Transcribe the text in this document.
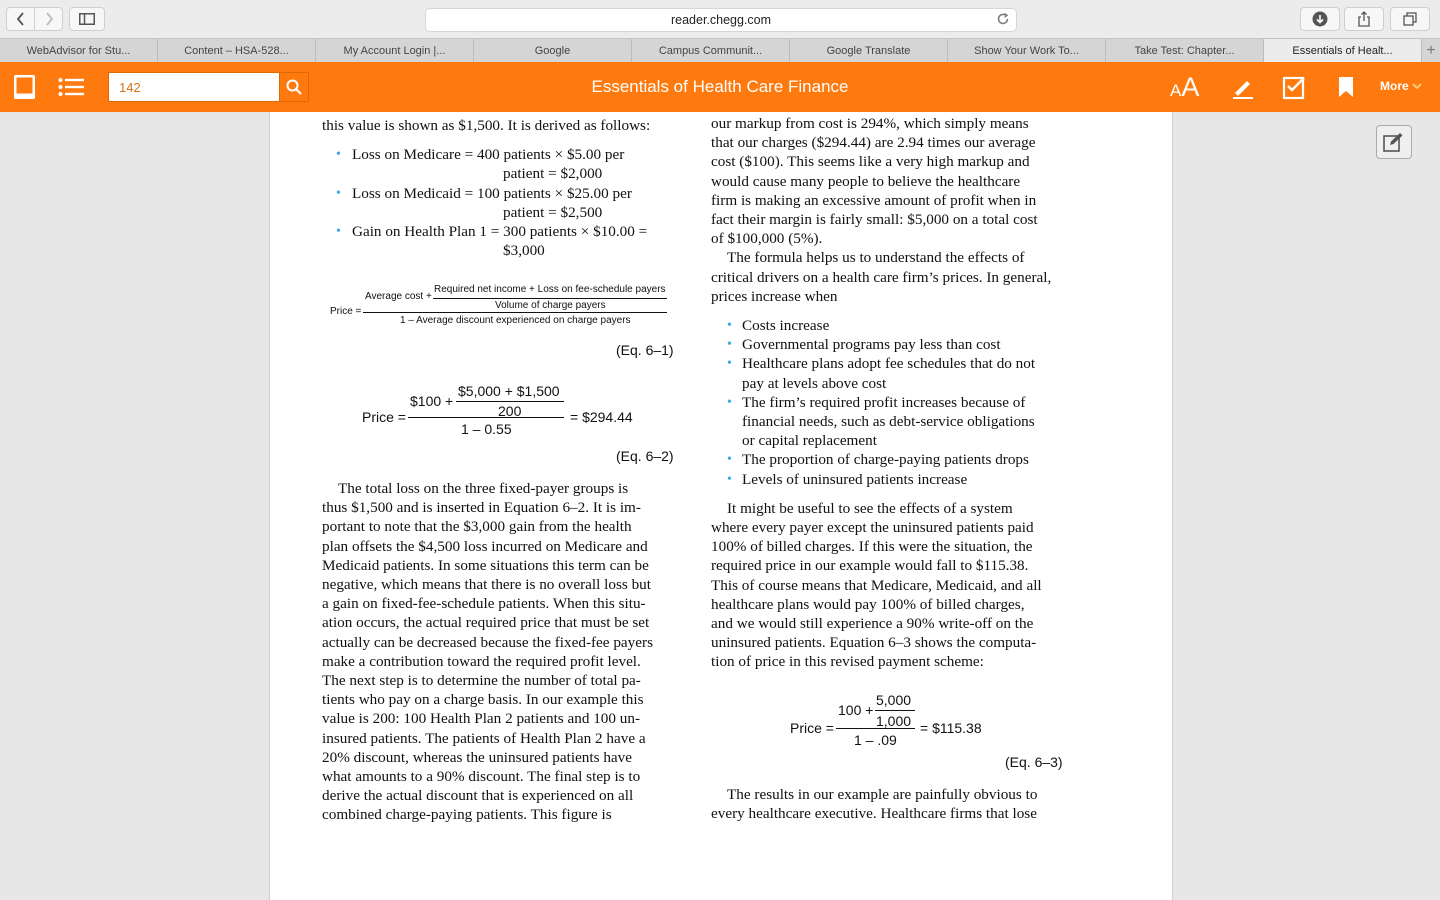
reader.chegg.com
WebAdvisor for Stu...	Content – HSA-528...	My Account Login |...	Google	Campus Communit...	Google Translate	Show Your Work To...	Take Test: Chapter...	Essentials of Healt...	+
Essentials of Health Care Finance
142	AA	More

this value is shown as $1,500. It is derived as follows:

• Loss on Medicare = 400 patients × $5.00 per
patient = $2,000
• Loss on Medicaid = 100 patients × $25.00 per
patient = $2,500
• Gain on Health Plan 1 = 300 patients × $10.00 =
$3,000
Price =
Average cost +
Required net income + Loss on fee-schedule payers
Volume of charge payers
1 – Average discount experienced on charge payers
(Eq. 6–1)
Price =
$100 +
$5,000 + $1,500
200
1 – 0.55
= $294.44
(Eq. 6–2)

The total loss on the three fixed-payer groups is

thus $1,500 and is inserted in Equation 6–2. It is im-

portant to note that the $3,000 gain from the health

plan offsets the $4,500 loss incurred on Medicare and

Medicaid patients. In some situations this term can be

negative, which means that there is no overall loss but

a gain on fixed-fee-schedule patients. When this situ-

ation occurs, the actual required price that must be set

actually can be decreased because the fixed-fee payers

make a contribution toward the required profit level.

The next step is to determine the number of total pa-

tients who pay on a charge basis. In our example this

value is 200: 100 Health Plan 2 patients and 100 un-

insured patients. The patients of Health Plan 2 have a

20% discount, whereas the uninsured patients have

what amounts to a 90% discount. The final step is to

derive the actual discount that is experienced on all

combined charge-paying patients. This figure is

our markup from cost is 294%, which simply means

that our charges ($294.44) are 2.94 times our average

cost ($100). This seems like a very high markup and

would cause many people to believe the healthcare

firm is making an excessive amount of profit when in

fact their margin is fairly small: $5,000 on a total cost

of $100,000 (5%).

The formula helps us to understand the effects of

critical drivers on a health care firm’s prices. In general,

prices increase when

• Costs increase
• Governmental programs pay less than cost
• Healthcare plans adopt fee schedules that do not
pay at levels above cost
• The firm’s required profit increases because of
financial needs, such as debt-service obligations
or capital replacement
• The proportion of charge-paying patients drops
• Levels of uninsured patients increase

It might be useful to see the effects of a system

where every payer except the uninsured patients paid

100% of billed charges. If this were the situation, the

required price in our example would fall to $115.38.

This of course means that Medicare, Medicaid, and all

healthcare plans would pay 100% of billed charges,

and we would still experience a 90% write-off on the

uninsured patients. Equation 6–3 shows the computa-

tion of price in this revised payment scheme:

Price =
100 +
5,000
1,000
1 – .09
= $115.38
(Eq. 6–3)

The results in our example are painfully obvious to

every healthcare executive. Healthcare firms that lose
